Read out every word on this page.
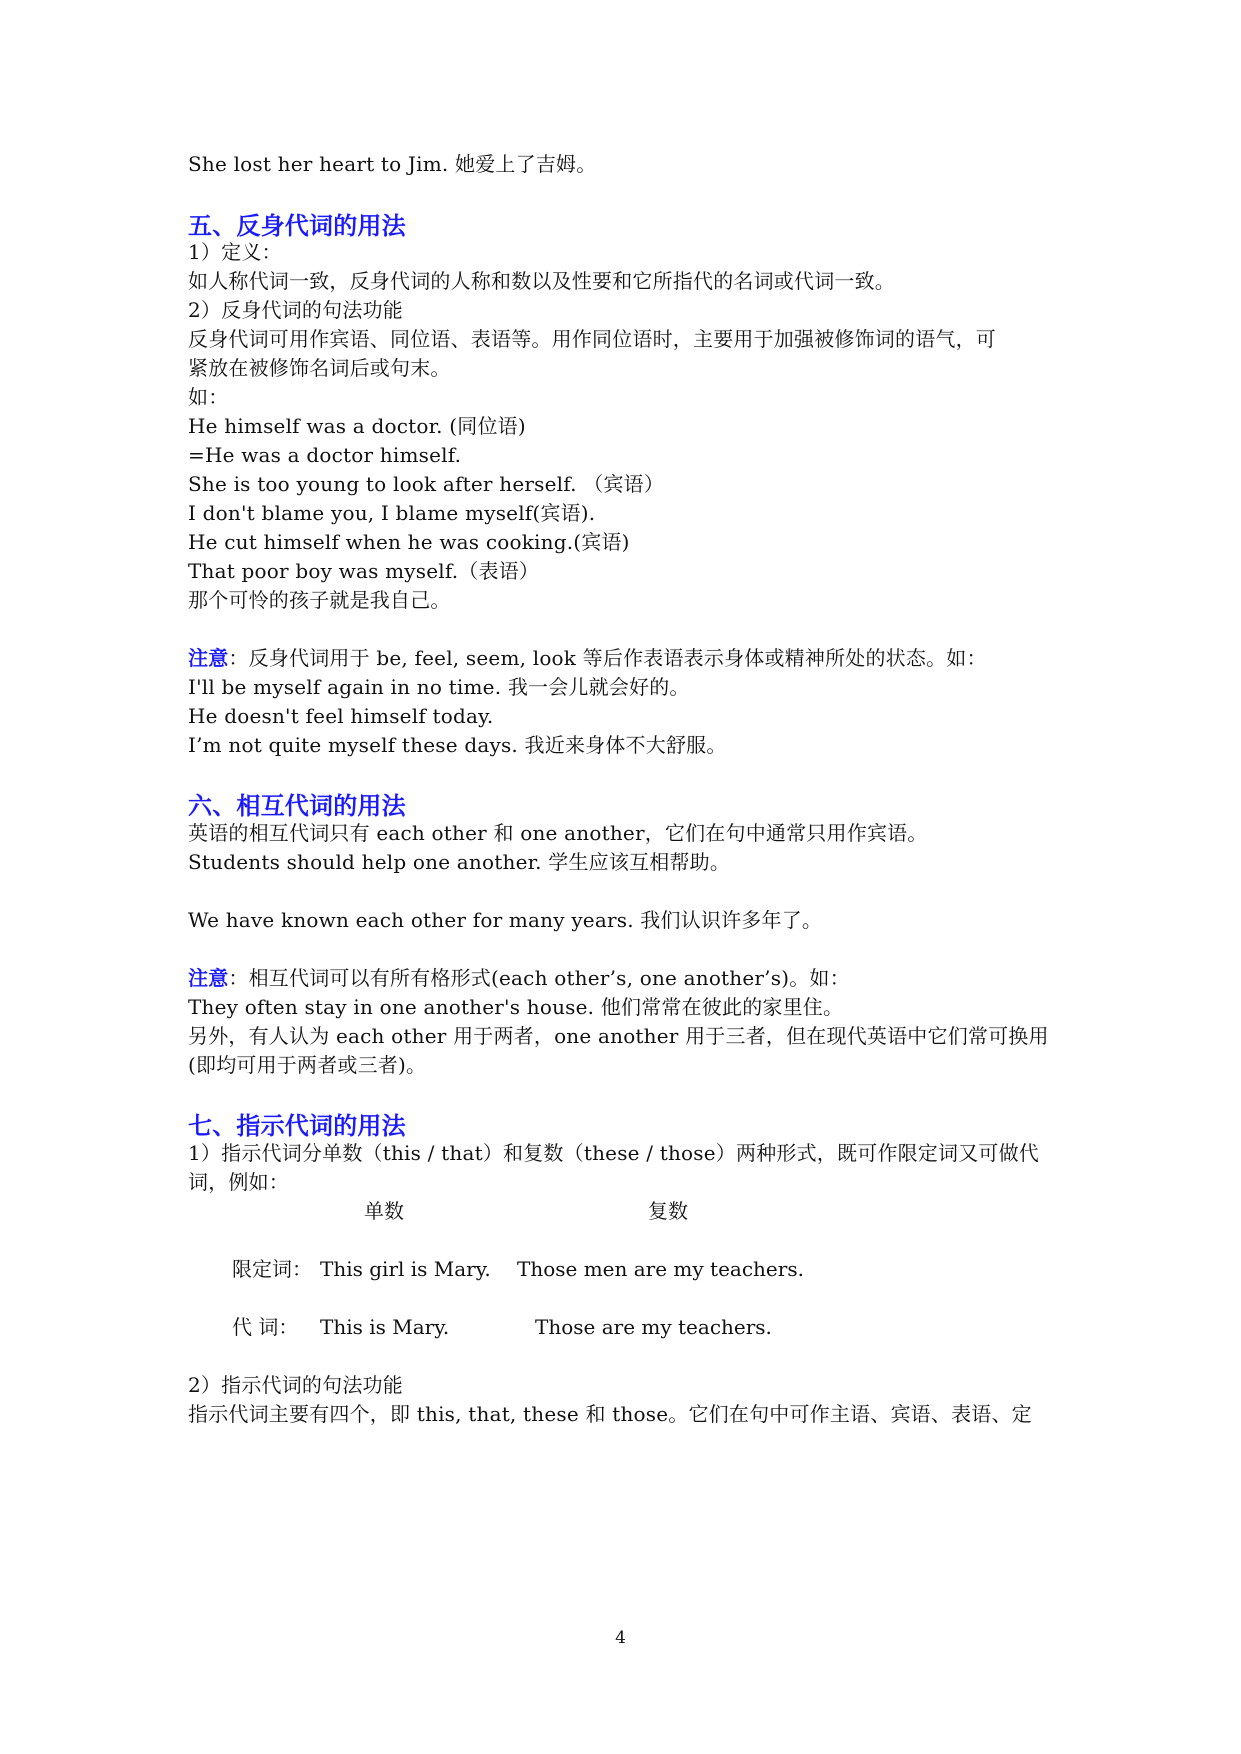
She lost her heart to Jim. 她爱上了吉姆。

五、反身代词的用法

1）定义：

如人称代词一致，反身代词的人称和数以及性要和它所指代的名词或代词一致。

2）反身代词的句法功能

反身代词可用作宾语、同位语、表语等。用作同位语时，主要用于加强被修饰词的语气，可

紧放在被修饰名词后或句末。

如：

He himself was a doctor. (同位语)

=He was a doctor himself.

She is too young to look after herself. （宾语）

I don't blame you, I blame myself(宾语).

He cut himself when he was cooking.(宾语)

That poor boy was myself.（表语）

那个可怜的孩子就是我自己。

注意：反身代词用于 be, feel, seem, look 等后作表语表示身体或精神所处的状态。如：

I'll be myself again in no time. 我一会儿就会好的。

He doesn't feel himself today.

I’m not quite myself these days. 我近来身体不大舒服。

六、相互代词的用法

英语的相互代词只有 each other 和 one another，它们在句中通常只用作宾语。

Students should help one another. 学生应该互相帮助。

We have known each other for many years. 我们认识许多年了。

注意：相互代词可以有所有格形式(each other’s, one another’s)。如：

They often stay in one another's house. 他们常常在彼此的家里住。

另外，有人认为 each other 用于两者，one another 用于三者，但在现代英语中它们常可换用

(即均可用于两者或三者)。

七、指示代词的用法

1）指示代词分单数（this / that）和复数（these / those）两种形式，既可作限定词又可做代

词，例如：

单数	复数
限定词： This girl is Mary. Those men are my teachers.
代 词： This is Mary.	Those are my teachers.

2）指示代词的句法功能

指示代词主要有四个，即 this, that, these 和 those。它们在句中可作主语、宾语、表语、定

4
